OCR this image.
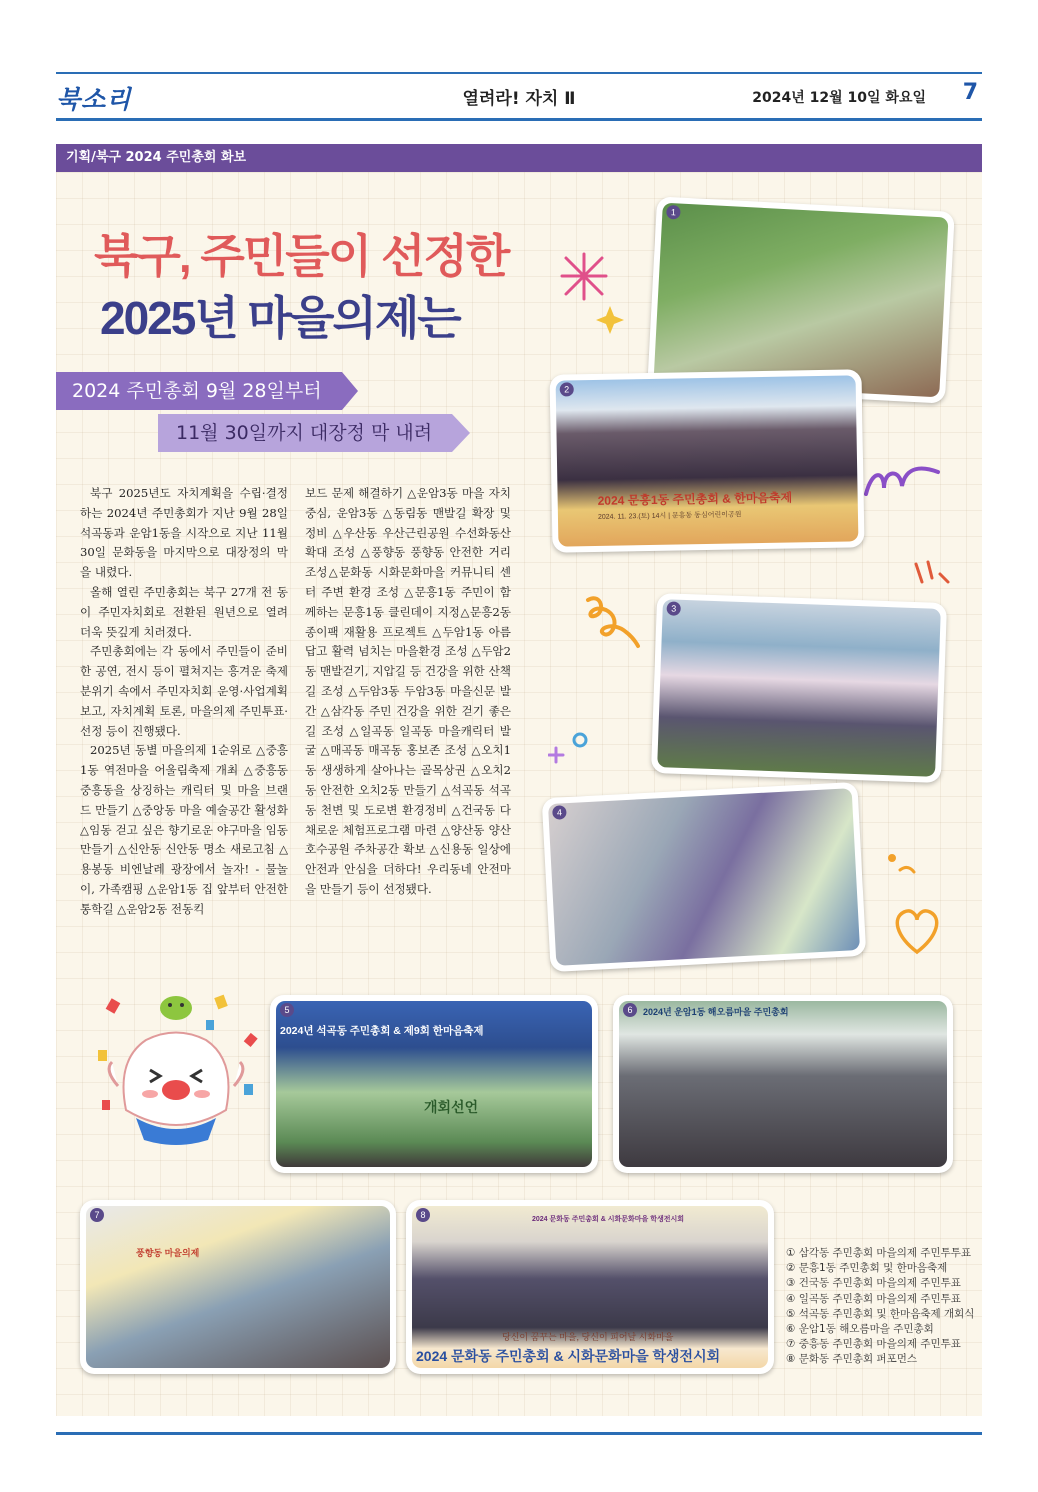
북소리	열려라! 자치 Ⅱ	2024년 12월 10일 화요일 7
기획/북구 2024 주민총회 화보
북구, 주민들이 선정한
2025년 마을의제는
2024 주민총회 9월 28일부터
11월 30일까지 대장정 막 내려

북구 2025년도 자치계획을 수립·결정하는 2024년 주민총회가 지난 9월 28일 석곡동과 운암1동을 시작으로 지난 11월 30일 문화동을 마지막으로 대장정의 막을 내렸다.

올해 열린 주민총회는 북구 27개 전 동이 주민자치회로 전환된 원년으로 열려 더욱 뜻깊게 치러졌다.

주민총회에는 각 동에서 주민들이 준비한 공연, 전시 등이 펼쳐지는 흥겨운 축제 분위기 속에서 주민자치회 운영·사업계획 보고, 자치계획 토론, 마을의제 주민투표·선정 등이 진행됐다.

2025년 동별 마을의제 1순위로 △중흥1동 역전마을 어울림축제 개최 △중흥동 중흥동을 상징하는 캐릭터 및 마을 브랜드 만들기 △중앙동 마을 예술공간 활성화 △임동 걷고 싶은 향기로운 야구마을 임동 만들기 △신안동 신안동 명소 새로고침 △용봉동 비엔날레 광장에서 놀자! - 물놀이, 가족캠핑 △운암1동 집 앞부터 안전한 통학길 △운암2동 전동킥

보드 문제 해결하기 △운암3동 마을 자치 중심, 운암3동 △동림동 맨발길 확장 및 정비 △우산동 우산근린공원 수선화동산 확대 조성 △풍향동 풍향동 안전한 거리 조성△문화동 시화문화마을 커뮤니티 센터 주변 환경 조성 △문흥1동 주민이 함께하는 문흥1동 클린데이 지정△문흥2동 종이팩 재활용 프로젝트 △두암1동 아름답고 활력 넘치는 마을환경 조성 △두암2동 맨발걷기, 지압길 등 건강을 위한 산책길 조성 △두암3동 두암3동 마을신문 발간 △삼각동 주민 건강을 위한 걷기 좋은 길 조성 △일곡동 일곡동 마을캐릭터 발굴 △매곡동 매곡동 홍보존 조성 △오치1동 생생하게 살아나는 골목상권 △오치2동 안전한 오치2동 만들기 △석곡동 석곡동 천변 및 도로변 환경정비 △건국동 다채로운 체험프로그램 마련 △양산동 양산호수공원 주차공간 확보 △신용동 일상에 안전과 안심을 더하다! 우리동네 안전마을 만들기 등이 선정됐다.

1
2
2024 문흥1동 주민총회 & 한마음축제
2024. 11. 23.(토) 14시 | 문흥동 동심어린이공원
3
4
5
2024년 석곡동 주민총회 & 제9회 한마음축제
개회선언
6	2024년 운암1동 해오름마을 주민총회
7
풍향동 마을의제
8	2024 문화동 주민총회 & 시화문화마을 학생전시회
당신이 꿈꾸는 마을, 당신이 피어날 시화마을
2024 문화동 주민총회 & 시화문화마을 학생전시회
① 삼각동 주민총회 마을의제 주민투투표
② 문흥1동 주민총회 및 한마음축제
③ 건국동 주민총회 마을의제 주민투표
④ 일곡동 주민총회 마을의제 주민투표
⑤ 석곡동 주민총회 및 한마음축제 개회식
⑥ 운암1동 해오름마을 주민총회
⑦ 중흥동 주민총회 마을의제 주민투표
⑧ 문화동 주민총회 퍼포먼스
